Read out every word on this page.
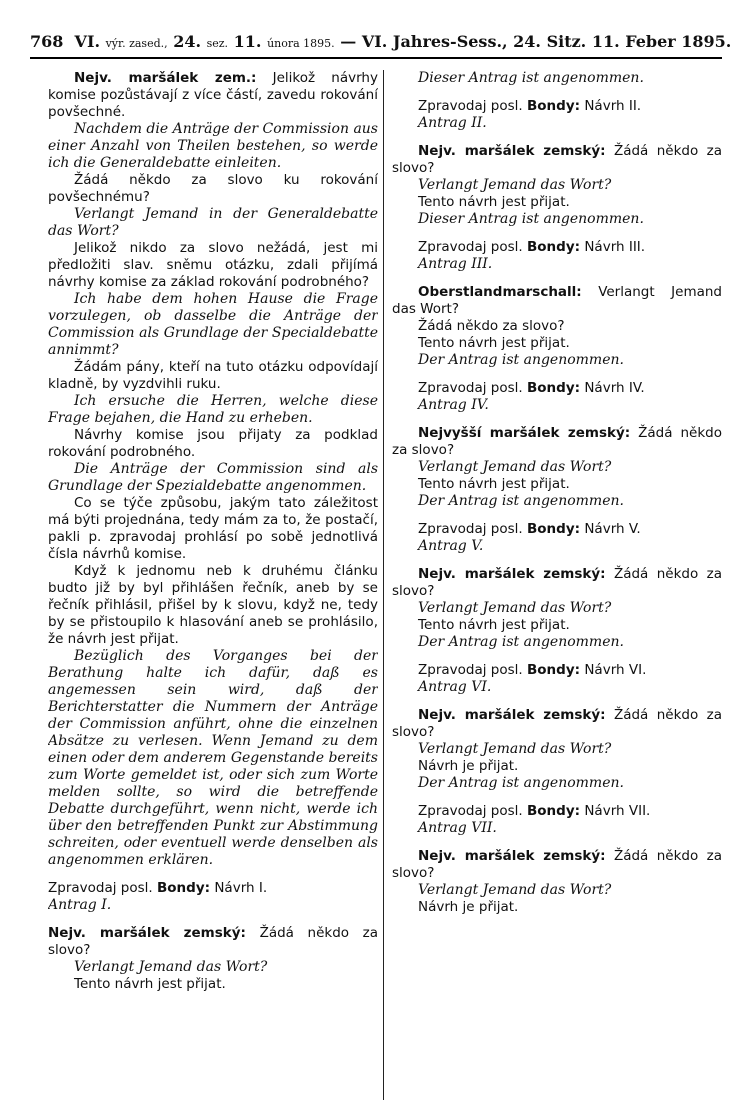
768 VI. výr. zased., 24. sez. 11. února 1895. — VI. Jahres-Sess., 24. Sitz. 11. Feber 1895.

Nejv. maršálek zem.: Jelikož návrhy komise pozůstávají z více částí, zavedu rokování povšechné.

Nachdem die Anträge der Commission aus einer Anzahl von Theilen bestehen, so werde ich die Generaldebatte einleiten.

Žádá někdo za slovo ku rokování povšechnému?

Verlangt Jemand in der Generaldebatte das Wort?

Jelikož nikdo za slovo nežádá, jest mi předložiti slav. sněmu otázku, zdali přijímá návrhy komise za základ rokování podrobného?

Ich habe dem hohen Hause die Frage vorzulegen, ob dasselbe die Anträge der Commission als Grundlage der Specialdebatte annimmt?

Žádám pány, kteří na tuto otázku odpovídají kladně, by vyzdvihli ruku.

Ich ersuche die Herren, welche diese Frage bejahen, die Hand zu erheben.

Návrhy komise jsou přijaty za podklad rokování podrobného.

Die Anträge der Commission sind als Grundlage der Spezialdebatte angenommen.

Co se týče způsobu, jakým tato záležitost má býti projednána, tedy mám za to, že postačí, pakli p. zpravodaj prohlásí po sobě jednotlivá čísla návrhů komise.

Když k jednomu neb k druhému článku budto již by byl přihlášen řečník, aneb by se řečník přihlásil, přišel by k slovu, když ne, tedy by se přistoupilo k hlasování aneb se prohlásilo, že návrh jest přijat.

Bezüglich des Vorganges bei der Berathung halte ich dafür, daß es angemessen sein wird, daß der Berichterstatter die Nummern der Anträge der Commission anführt, ohne die einzelnen Absätze zu verlesen. Wenn Jemand zu dem einen oder dem anderem Gegenstande bereits zum Worte gemeldet ist, oder sich zum Worte melden sollte, so wird die betreffende Debatte durchgeführt, wenn nicht, werde ich über den betreffenden Punkt zur Abstimmung schreiten, oder eventuell werde denselben als angenommen erklären.

Zpravodaj posl. Bondy: Návrh I.

Antrag I.

Nejv. maršálek zemský: Žádá někdo za slovo?

Verlangt Jemand das Wort?

Tento návrh jest přijat.

Dieser Antrag ist angenommen.

Zpravodaj posl. Bondy: Návrh II.

Antrag II.

Nejv. maršálek zemský: Žádá někdo za slovo?

Verlangt Jemand das Wort?

Tento návrh jest přijat.

Dieser Antrag ist angenommen.

Zpravodaj posl. Bondy: Návrh III.

Antrag III.

Oberstlandmarschall: Verlangt Jemand das Wort?

Žádá někdo za slovo?

Tento návrh jest přijat.

Der Antrag ist angenommen.

Zpravodaj posl. Bondy: Návrh IV.

Antrag IV.

Nejvyšší maršálek zemský: Žádá někdo za slovo?

Verlangt Jemand das Wort?

Tento návrh jest přijat.

Der Antrag ist angenommen.

Zpravodaj posl. Bondy: Návrh V.

Antrag V.

Nejv. maršálek zemský: Žádá někdo za slovo?

Verlangt Jemand das Wort?

Tento návrh jest přijat.

Der Antrag ist angenommen.

Zpravodaj posl. Bondy: Návrh VI.

Antrag VI.

Nejv. maršálek zemský: Žádá někdo za slovo?

Verlangt Jemand das Wort?

Návrh je přijat.

Der Antrag ist angenommen.

Zpravodaj posl. Bondy: Návrh VII.

Antrag VII.

Nejv. maršálek zemský: Žádá někdo za slovo?

Verlangt Jemand das Wort?

Návrh je přijat.
